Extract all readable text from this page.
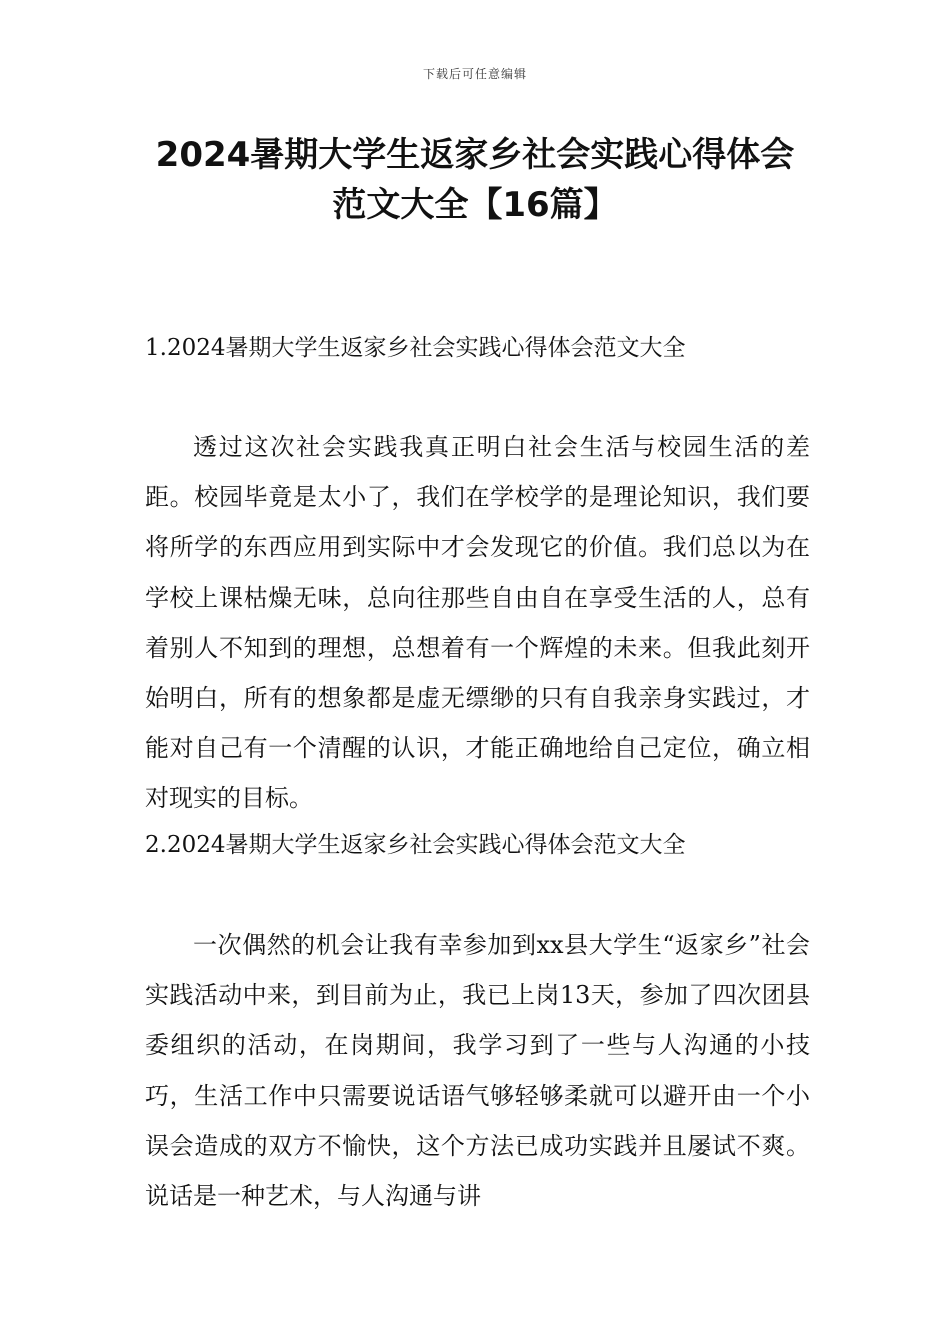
下载后可任意编辑
2024暑期大学生返家乡社会实践心得体会
范文大全【16篇】
1.2024暑期大学生返家乡社会实践心得体会范文大全

透过这次社会实践我真正明白社会生活与校园生活的差距。校园毕竟是太小了，我们在学校学的是理论知识，我们要将所学的东西应用到实际中才会发现它的价值。我们总以为在学校上课枯燥无味，总向往那些自由自在享受生活的人，总有着别人不知到的理想，总想着有一个辉煌的未来。但我此刻开始明白，所有的想象都是虚无缥缈的只有自我亲身实践过，才能对自己有一个清醒的认识，才能正确地给自己定位，确立相对现实的目标。

2.2024暑期大学生返家乡社会实践心得体会范文大全

一次偶然的机会让我有幸参加到xx县大学生“返家乡”社会实践活动中来，到目前为止，我已上岗13天，参加了四次团县委组织的活动，在岗期间，我学习到了一些与人沟通的小技巧，生活工作中只需要说话语气够轻够柔就可以避开由一个小误会造成的双方不愉快，这个方法已成功实践并且屡试不爽。说话是一种艺术，与人沟通与讲
